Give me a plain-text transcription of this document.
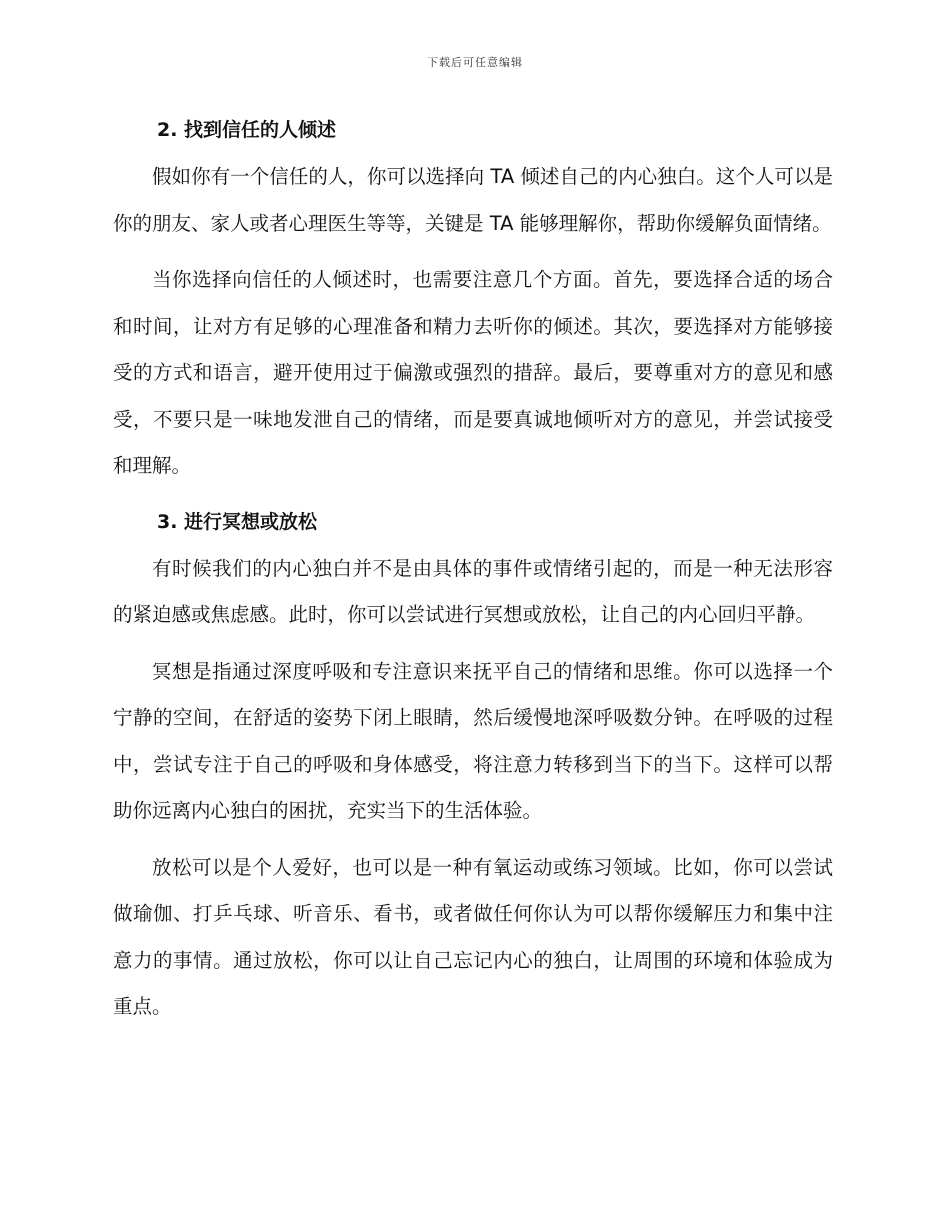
下载后可任意编辑
2. 找到信任的人倾述

假如你有一个信任的人，你可以选择向 TA 倾述自己的内心独白。这个人可以是你的朋友、家人或者心理医生等等，关键是 TA 能够理解你，帮助你缓解负面情绪。

当你选择向信任的人倾述时，也需要注意几个方面。首先，要选择合适的场合和时间，让对方有足够的心理准备和精力去听你的倾述。其次，要选择对方能够接受的方式和语言，避开使用过于偏激或强烈的措辞。最后，要尊重对方的意见和感受，不要只是一味地发泄自己的情绪，而是要真诚地倾听对方的意见，并尝试接受和理解。

3. 进行冥想或放松

有时候我们的内心独白并不是由具体的事件或情绪引起的，而是一种无法形容的紧迫感或焦虑感。此时，你可以尝试进行冥想或放松，让自己的内心回归平静。

冥想是指通过深度呼吸和专注意识来抚平自己的情绪和思维。你可以选择一个宁静的空间，在舒适的姿势下闭上眼睛，然后缓慢地深呼吸数分钟。在呼吸的过程中，尝试专注于自己的呼吸和身体感受，将注意力转移到当下的当下。这样可以帮助你远离内心独白的困扰，充实当下的生活体验。

放松可以是个人爱好，也可以是一种有氧运动或练习领域。比如，你可以尝试做瑜伽、打乒乓球、听音乐、看书，或者做任何你认为可以帮你缓解压力和集中注意力的事情。通过放松，你可以让自己忘记内心的独白，让周围的环境和体验成为重点。
